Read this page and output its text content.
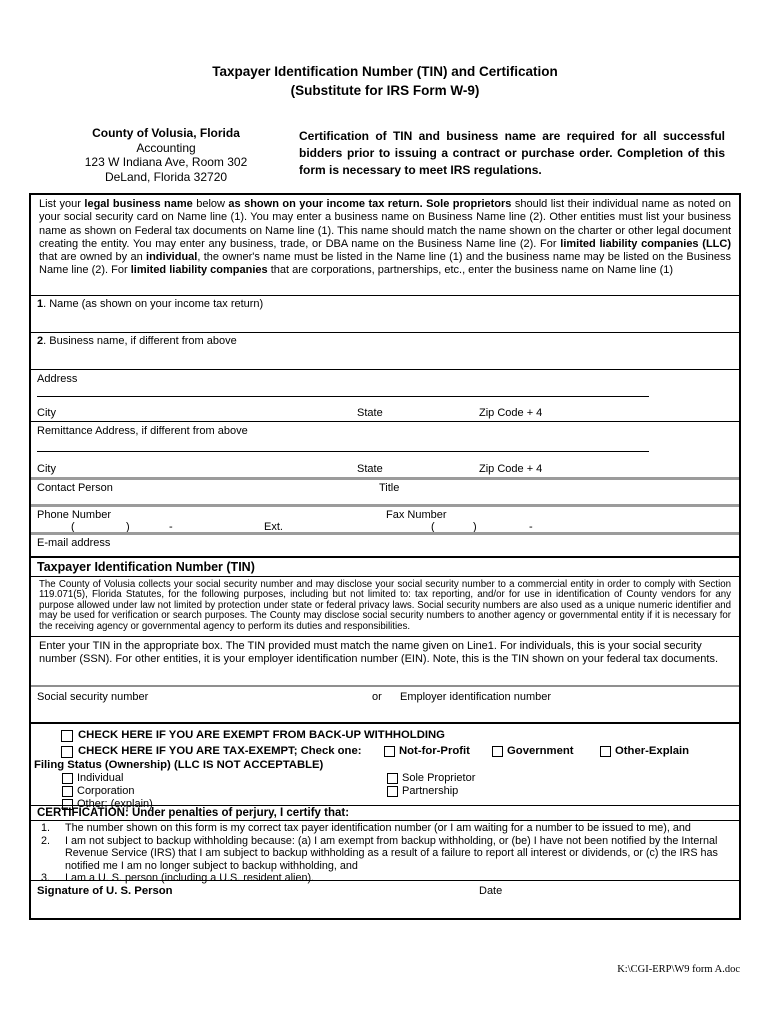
Taxpayer Identification Number (TIN) and Certification
(Substitute for IRS Form W-9)
County of Volusia, Florida
Accounting
123 W Indiana Ave, Room 302
DeLand, Florida 32720
Certification of TIN and business name are required for all successful bidders prior to issuing a contract or purchase order. Completion of this form is necessary to meet IRS regulations.
List your legal business name below as shown on your income tax return. Sole proprietors should list their individual name as noted on your social security card on Name line (1). You may enter a business name on Business Name line (2). Other entities must list your business name as shown on Federal tax documents on Name line (1). This name should match the name shown on the charter or other legal document creating the entity. You may enter any business, trade, or DBA name on the Business Name line (2). For limited liability companies (LLC) that are owned by an individual, the owner's name must be listed in the Name line (1) and the business name may be listed on the Business Name line (2). For limited liability companies that are corporations, partnerships, etc., enter the business name on Name line (1)
1. Name (as shown on your income tax return)
2. Business name, if different from above
Address
City	State	Zip Code + 4
Remittance Address, if different from above
City	State	Zip Code + 4
Contact Person	Title
Phone Number	Fax Number
(	)	-	Ext.	(	)	-
E-mail address
Taxpayer Identification Number (TIN)
The County of Volusia collects your social security number and may disclose your social security number to a commercial entity in order to comply with Section 119.071(5), Florida Statutes, for the following purposes, including but not limited to: tax reporting, and/or for use in identification of County vendors for any purpose allowed under law not limited by protection under state or federal privacy laws. Social security numbers are also used as a unique numeric identifier and may be used for verification or search purposes. The County may disclose social security numbers to another agency or governmental entity if it is necessary for the receiving agency or governmental agency to perform its duties and responsibilities.
Enter your TIN in the appropriate box. The TIN provided must match the name given on Line1. For individuals, this is your social security number (SSN). For other entities, it is your employer identification number (EIN). Note, this is the TIN shown on your federal tax documents.
Social security number	or Employer identification number
CHECK HERE IF YOU ARE EXEMPT FROM BACK-UP WITHHOLDING
CHECK HERE IF YOU ARE TAX-EXEMPT; Check one:	Not-for-Profit	Government	Other-Explain
Filing Status (Ownership) (LLC IS NOT ACCEPTABLE)
Individual	Sole Proprietor
Corporation	Partnership
Other: (explain)
CERTIFICATION: Under penalties of perjury, I certify that:
1. The number shown on this form is my correct tax payer identification number (or I am waiting for a number to be issued to me), and
2. I am not subject to backup withholding because: (a) I am exempt from backup withholding, or (be) I have not been notified by the Internal Revenue Service (IRS) that I am subject to backup withholding as a result of a failure to report all interest or dividends, or (c) the IRS has notified me I am no longer subject to backup withholding, and
3. I am a U. S. person (including a U.S. resident alien).
Signature of U. S. Person	Date
K:\CGI-ERP\W9 form A.doc
